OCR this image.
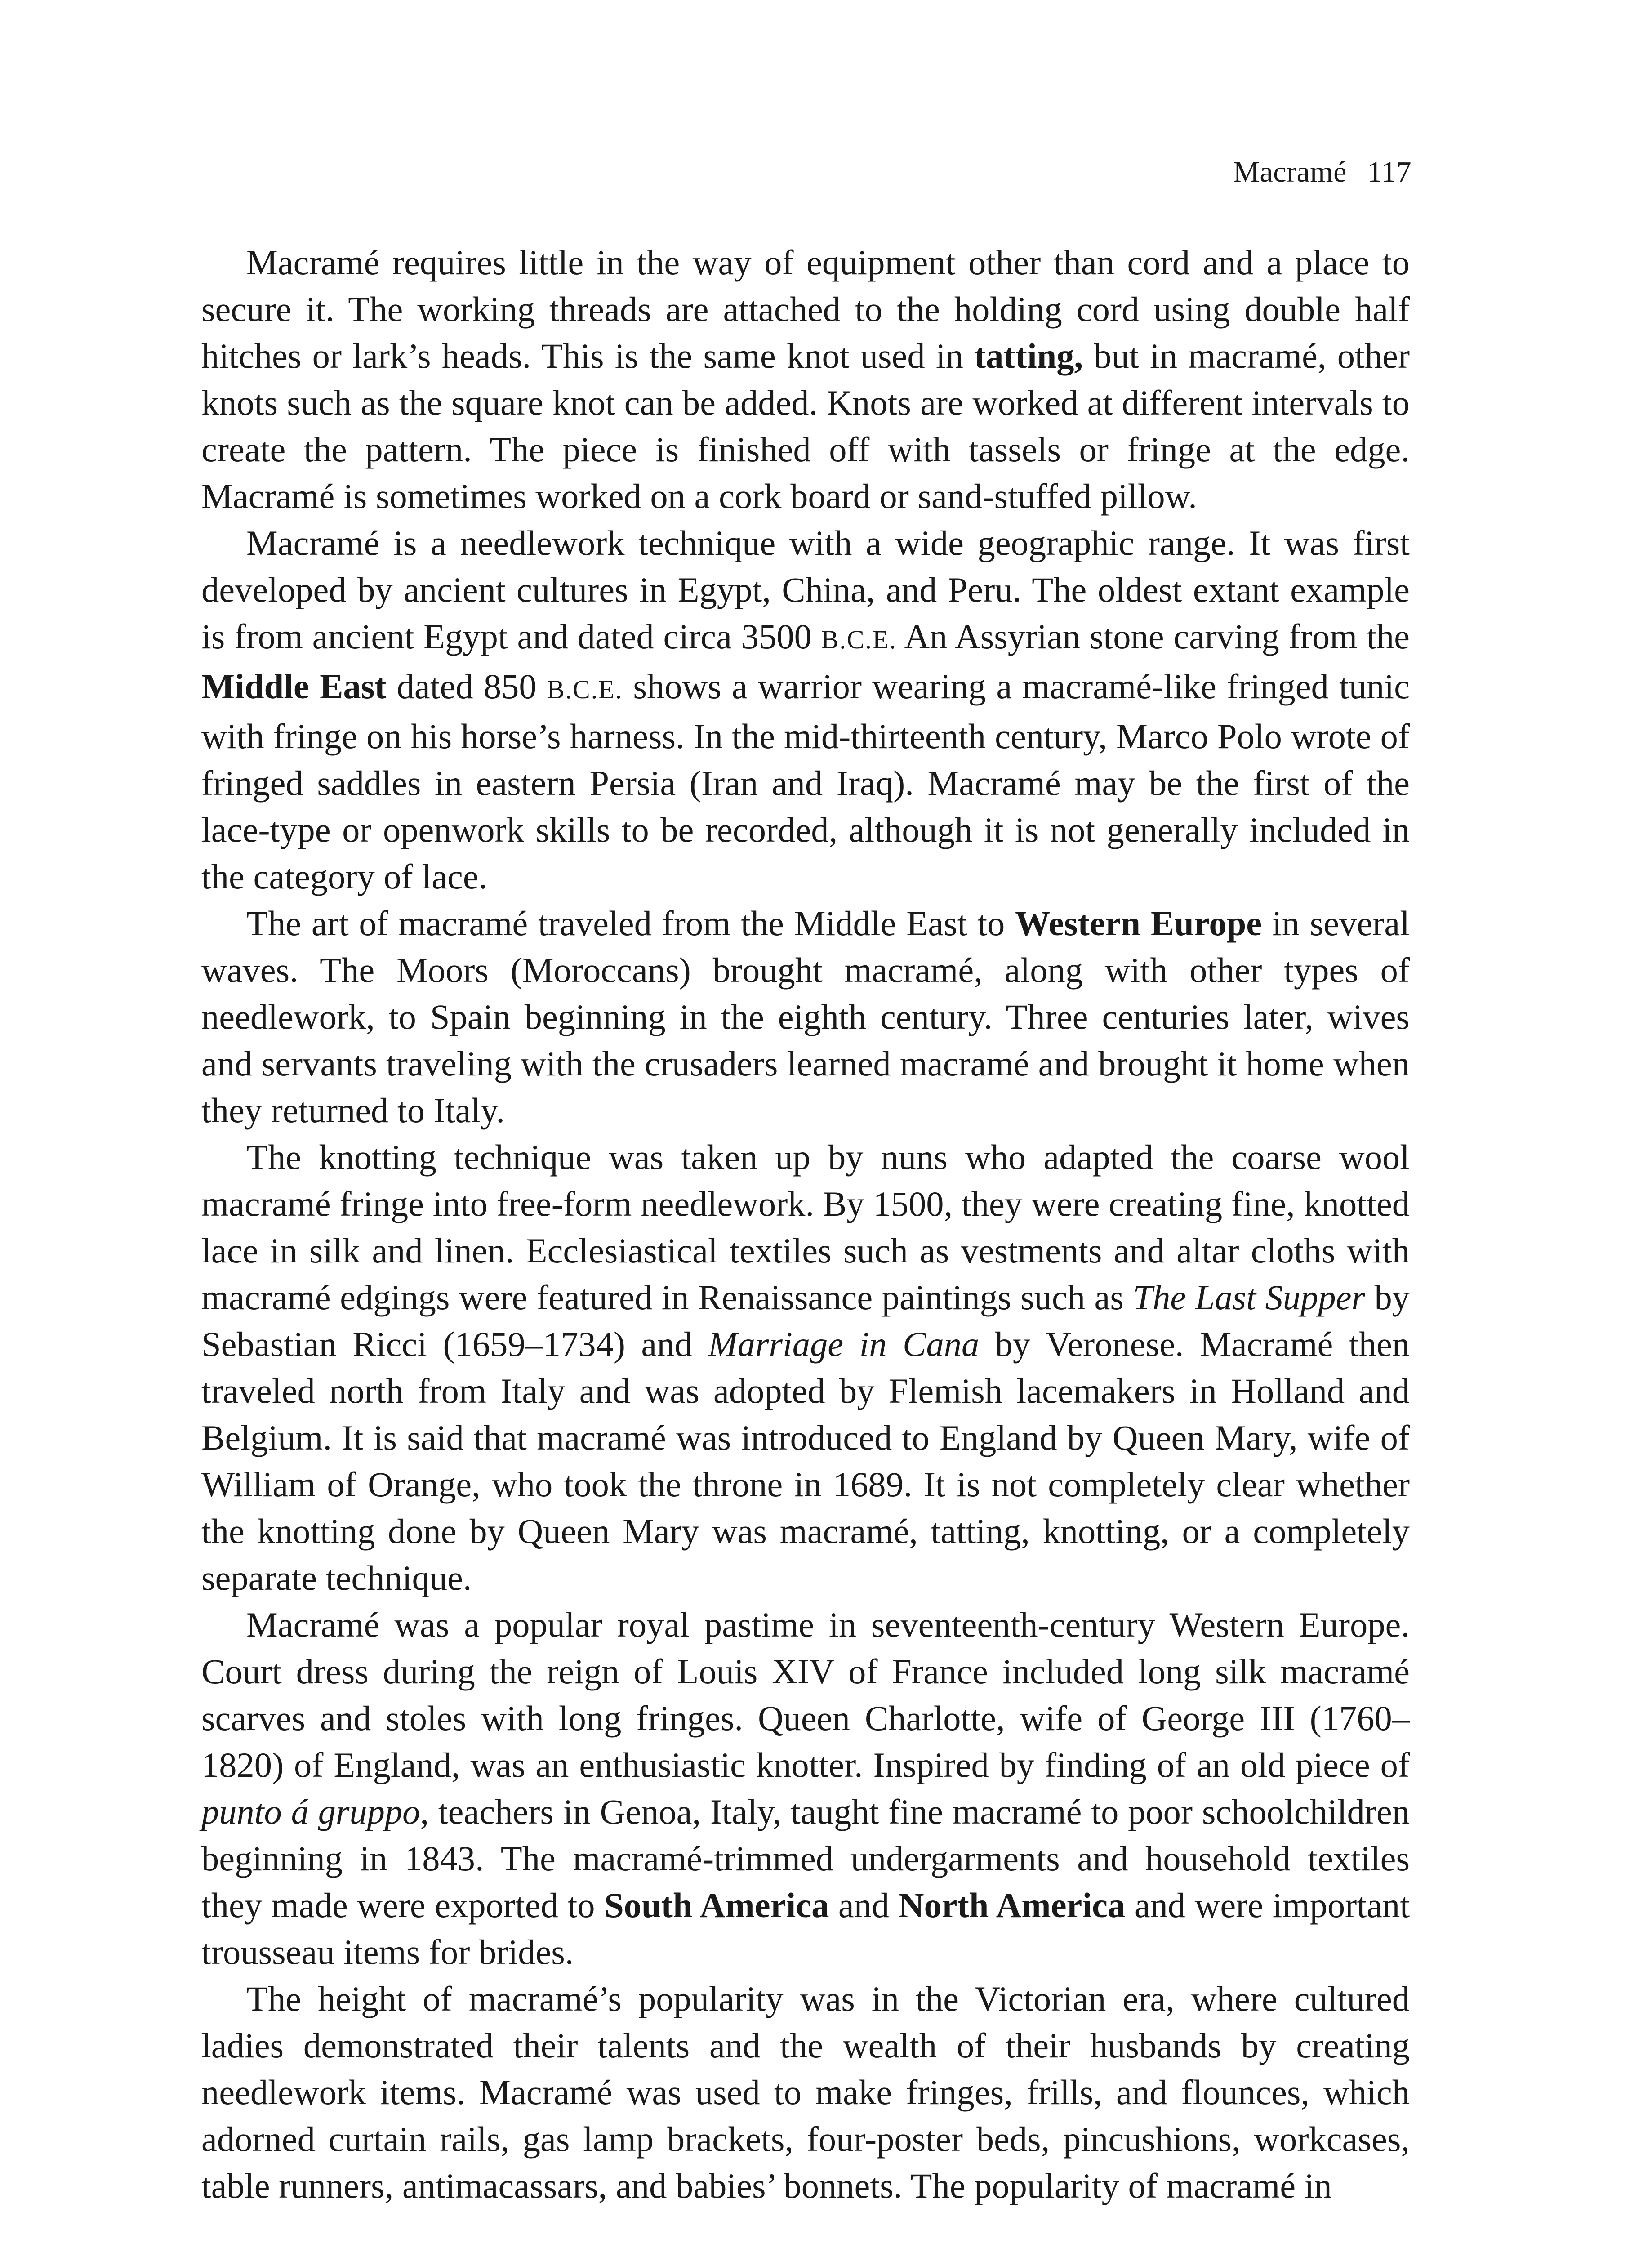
Macramé 117

Macramé requires little in the way of equipment other than cord and a place to secure it. The working threads are attached to the holding cord using double half hitches or lark’s heads. This is the same knot used in tatting, but in macramé, other knots such as the square knot can be added. Knots are worked at different intervals to create the pattern. The piece is finished off with tassels or fringe at the edge. Macramé is sometimes worked on a cork board or sand-stuffed pillow.

Macramé is a needlework technique with a wide geographic range. It was first developed by ancient cultures in Egypt, China, and Peru. The oldest extant example is from ancient Egypt and dated circa 3500 B.C.E. An Assyrian stone carving from the Middle East dated 850 B.C.E. shows a warrior wearing a macramé-like fringed tunic with fringe on his horse’s harness. In the mid-thirteenth century, Marco Polo wrote of fringed saddles in eastern Persia (Iran and Iraq). Macramé may be the first of the lace-type or openwork skills to be recorded, although it is not generally included in the category of lace.

The art of macramé traveled from the Middle East to Western Europe in several waves. The Moors (Moroccans) brought macramé, along with other types of needlework, to Spain beginning in the eighth century. Three centuries later, wives and servants traveling with the crusaders learned macramé and brought it home when they returned to Italy.

The knotting technique was taken up by nuns who adapted the coarse wool macramé fringe into free-form needlework. By 1500, they were creating fine, knotted lace in silk and linen. Ecclesiastical textiles such as vestments and altar cloths with macramé edgings were featured in Renaissance paintings such as The Last Supper by Sebastian Ricci (1659–1734) and Marriage in Cana by Veronese. Macramé then traveled north from Italy and was adopted by Flemish lacemakers in Holland and Belgium. It is said that macramé was introduced to England by Queen Mary, wife of William of Orange, who took the throne in 1689. It is not completely clear whether the knotting done by Queen Mary was macramé, tatting, knotting, or a completely separate technique.

Macramé was a popular royal pastime in seventeenth-century Western Europe. Court dress during the reign of Louis XIV of France included long silk macramé scarves and stoles with long fringes. Queen Charlotte, wife of George III (1760–1820) of England, was an enthusiastic knotter. Inspired by finding of an old piece of punto á gruppo, teachers in Genoa, Italy, taught fine macramé to poor schoolchildren beginning in 1843. The macramé-trimmed undergarments and household textiles they made were exported to South America and North America and were important trousseau items for brides.

The height of macramé’s popularity was in the Victorian era, where cultured ladies demonstrated their talents and the wealth of their husbands by creating needlework items. Macramé was used to make fringes, frills, and flounces, which adorned curtain rails, gas lamp brackets, four-poster beds, pincushions, workcases, table runners, antimacassars, and babies’ bonnets. The popularity of macramé in
